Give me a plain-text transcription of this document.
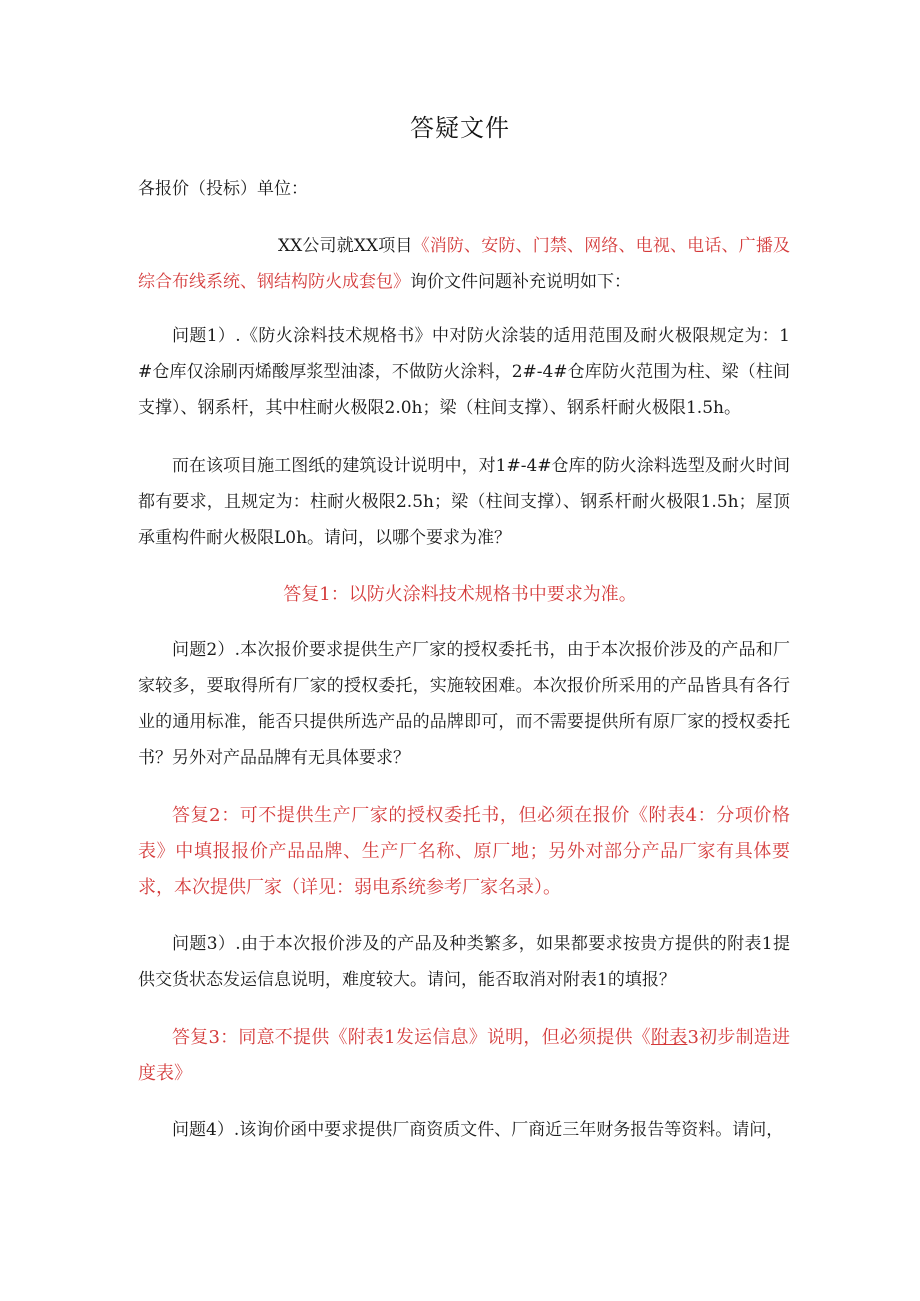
答疑文件
各报价（投标）单位：
XX公司就XX项目《消防、安防、门禁、网络、电视、电话、广播及综合布线系统、钢结构防火成套包》询价文件问题补充说明如下：
问题1）.《防火涂料技术规格书》中对防火涂装的适用范围及耐火极限规定为：1#仓库仅涂刷丙烯酸厚浆型油漆，不做防火涂料，2#-4#仓库防火范围为柱、梁（柱间支撑）、钢系杆，其中柱耐火极限2.0h；梁（柱间支撑）、钢系杆耐火极限1.5h。
而在该项目施工图纸的建筑设计说明中，对1#-4#仓库的防火涂料选型及耐火时间都有要求，且规定为：柱耐火极限2.5h；梁（柱间支撑）、钢系杆耐火极限1.5h；屋顶承重构件耐火极限L0h。请问，以哪个要求为准？
答复1：以防火涂料技术规格书中要求为准。
问题2）.本次报价要求提供生产厂家的授权委托书，由于本次报价涉及的产品和厂家较多，要取得所有厂家的授权委托，实施较困难。本次报价所采用的产品皆具有各行业的通用标准，能否只提供所选产品的品牌即可，而不需要提供所有原厂家的授权委托书？另外对产品品牌有无具体要求？
答复2：可不提供生产厂家的授权委托书，但必须在报价《附表4：分项价格表》中填报报价产品品牌、生产厂名称、原厂地；另外对部分产品厂家有具体要求，本次提供厂家（详见：弱电系统参考厂家名录）。
问题3）.由于本次报价涉及的产品及种类繁多，如果都要求按贵方提供的附表1提供交货状态发运信息说明，难度较大。请问，能否取消对附表1的填报？
答复3：同意不提供《附表1发运信息》说明，但必须提供《附表3初步制造进度表》
问题4）.该询价函中要求提供厂商资质文件、厂商近三年财务报告等资料。请问，
